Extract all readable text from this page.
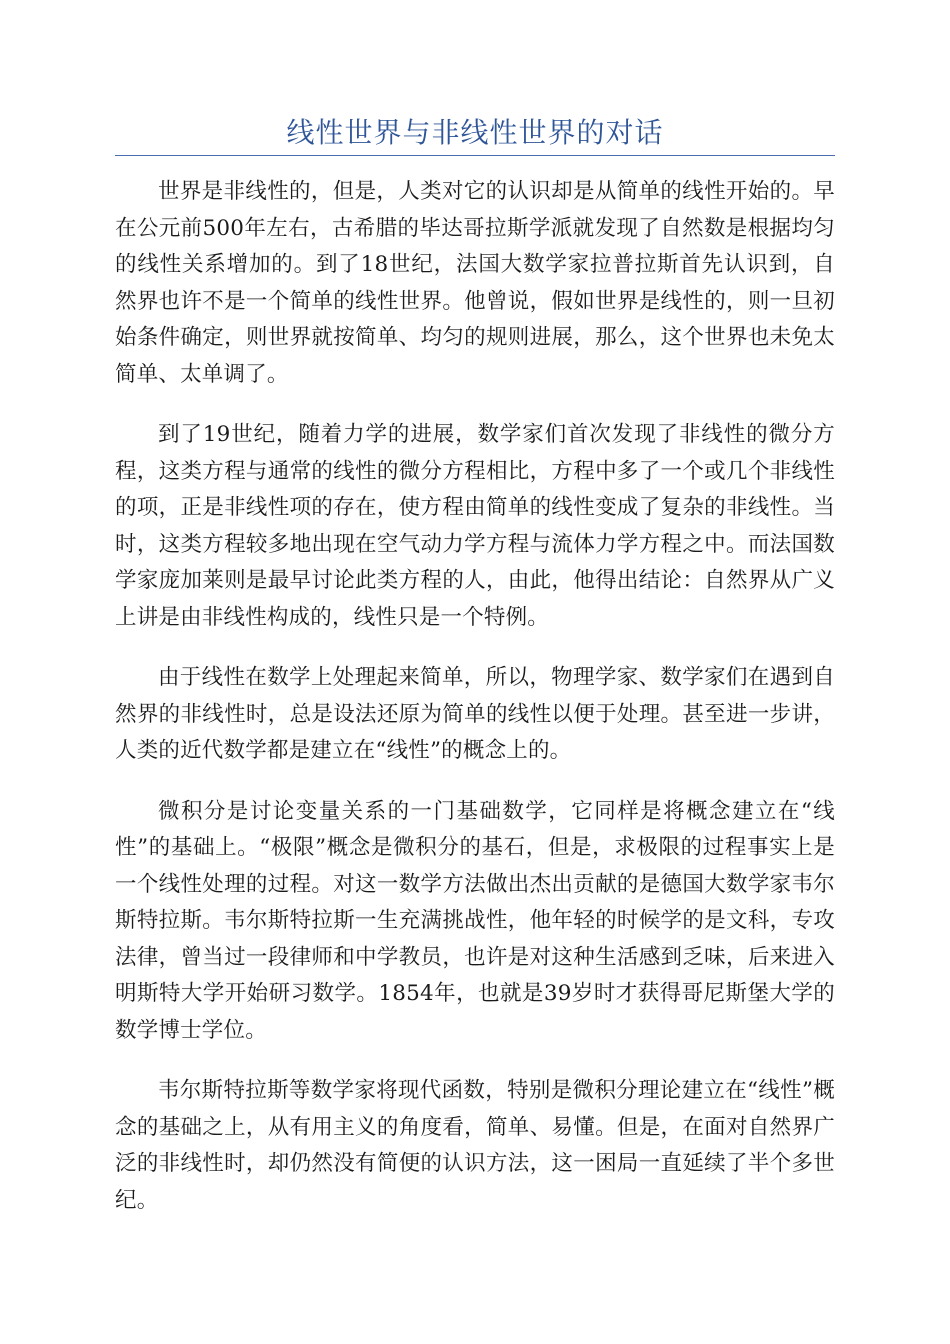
线性世界与非线性世界的对话

世界是非线性的，但是，人类对它的认识却是从简单的线性开始的。早在公元前500年左右，古希腊的毕达哥拉斯学派就发现了自然数是根据均匀的线性关系增加的。到了18世纪，法国大数学家拉普拉斯首先认识到，自然界也许不是一个简单的线性世界。他曾说，假如世界是线性的，则一旦初始条件确定，则世界就按简单、均匀的规则进展，那么，这个世界也未免太简单、太单调了。

到了19世纪，随着力学的进展，数学家们首次发现了非线性的微分方程，这类方程与通常的线性的微分方程相比，方程中多了一个或几个非线性的项，正是非线性项的存在，使方程由简单的线性变成了复杂的非线性。当时，这类方程较多地出现在空气动力学方程与流体力学方程之中。而法国数学家庞加莱则是最早讨论此类方程的人，由此，他得出结论：自然界从广义上讲是由非线性构成的，线性只是一个特例。

由于线性在数学上处理起来简单，所以，物理学家、数学家们在遇到自然界的非线性时，总是设法还原为简单的线性以便于处理。甚至进一步讲，人类的近代数学都是建立在“线性”的概念上的。

微积分是讨论变量关系的一门基础数学，它同样是将概念建立在“线性”的基础上。“极限”概念是微积分的基石，但是，求极限的过程事实上是一个线性处理的过程。对这一数学方法做出杰出贡献的是德国大数学家韦尔斯特拉斯。韦尔斯特拉斯一生充满挑战性，他年轻的时候学的是文科，专攻法律，曾当过一段律师和中学教员，也许是对这种生活感到乏味，后来进入明斯特大学开始研习数学。1854年，也就是39岁时才获得哥尼斯堡大学的数学博士学位。

韦尔斯特拉斯等数学家将现代函数，特别是微积分理论建立在“线性”概念的基础之上，从有用主义的角度看，简单、易懂。但是，在面对自然界广泛的非线性时，却仍然没有简便的认识方法，这一困局一直延续了半个多世纪。
